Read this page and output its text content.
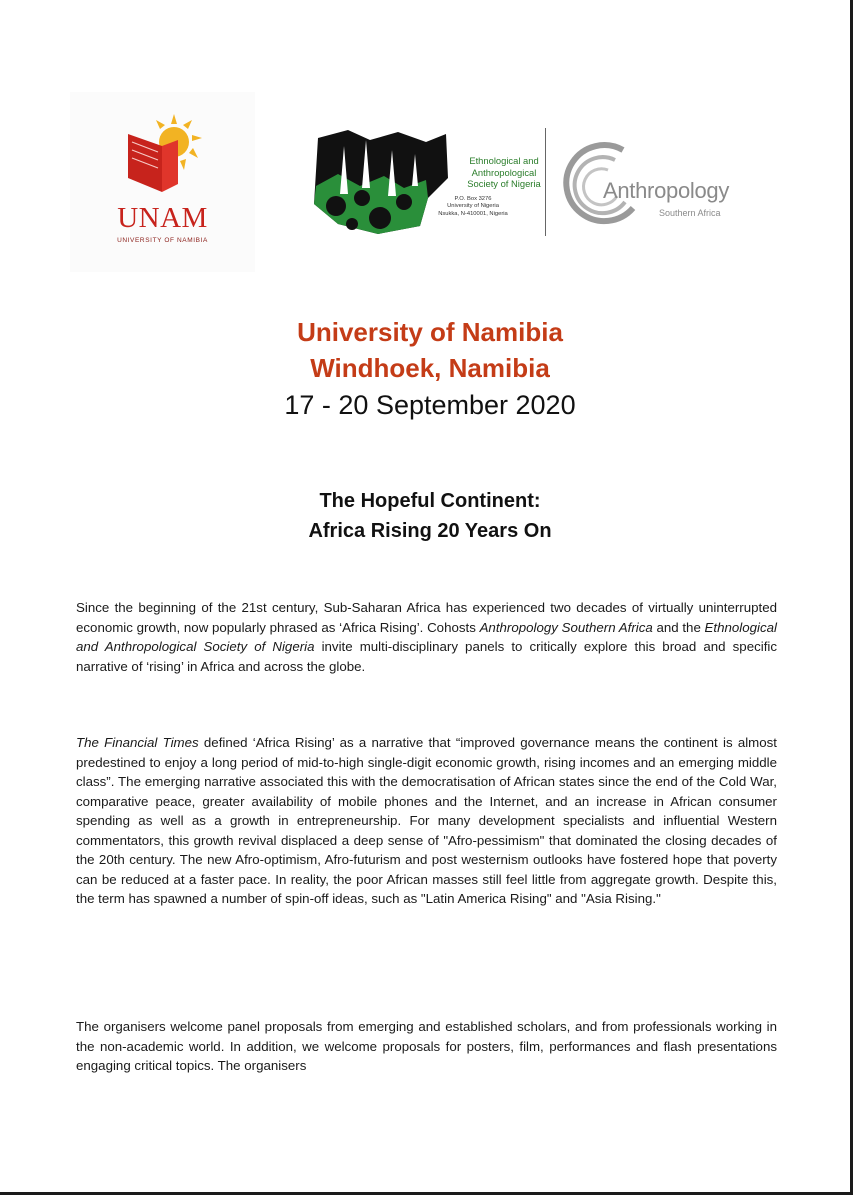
UNAM
UNIVERSITY OF NAMIBIA
Ethnological and
Anthropological
Society of Nigeria
P.O. Box 3276
University of Nigeria
Nsukka, N-410001, Nigeria
Anthropology
Southern Africa
University of Namibia
Windhoek, Namibia
17 - 20 September 2020
The Hopeful Continent:
Africa Rising 20 Years On

Since the beginning of the 21st century, Sub-Saharan Africa has experienced two decades of virtually uninterrupted economic growth, now popularly phrased as ‘Africa Rising’. Cohosts Anthropology Southern Africa and the Ethnological and Anthropological Society of Nigeria invite multi-disciplinary panels to critically explore this broad and specific narrative of ‘rising’ in Africa and across the globe.

The Financial Times defined ‘Africa Rising’ as a narrative that “improved governance means the continent is almost predestined to enjoy a long period of mid-to-high single-digit economic growth, rising incomes and an emerging middle class”. The emerging narrative associated this with the democratisation of African states since the end of the Cold War, comparative peace, greater availability of mobile phones and the Internet, and an increase in African consumer spending as well as a growth in entrepreneurship. For many development specialists and influential Western commentators, this growth revival displaced a deep sense of "Afro-pessimism" that dominated the closing decades of the 20th century. The new Afro-optimism, Afro-futurism and post westernism outlooks have fostered hope that poverty can be reduced at a faster pace. In reality, the poor African masses still feel little from aggregate growth. Despite this, the term has spawned a number of spin-off ideas, such as "Latin America Rising" and "Asia Rising."

The organisers welcome panel proposals from emerging and established scholars, and from professionals working in the non-academic world. In addition, we welcome proposals for posters, film, performances and flash presentations engaging critical topics. The organisers
